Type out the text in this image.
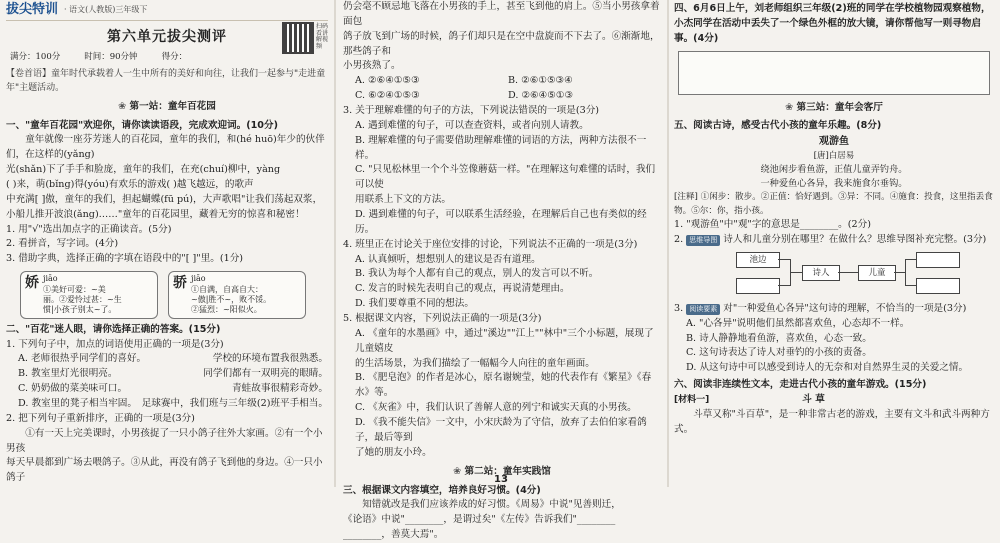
拔尖特训 · 语文(人教版)三年级下
扫码看讲解视频
第六单元拔尖测评
满分：100分	时间：90分钟	得分：
【卷首语】童年时代承载着人一生中所有的美好和向往，让我们一起参与"走进童年"主题活动。
❀ 第一站：童年百花园
一、"童年百花园"欢迎你，请你读读语段，完成欢迎词。(10分)
童年就像一座芬芳迷人的百花园，童年的我们，和(hé huō)年少的伙伴们，在这样的(yǎng)
光(shǎn)下了手手和脸庞，童年的我们，在充(chuí)柳中，yàng
( )来，萌(bǐng)得(yóu)有欢乐的游戏( )越飞越远，的歌声
中充满[ ]傲，童年的我们，担起蝴蝶(fū pú)，大声歌唱"让我们荡起双浆，
小船儿推开波浪(ǎng)……"童年的百花园里，藏着无穷的惊喜和秘密！
1. 用"√"选出加点字的正确读音。(5分)
2. 看拼音，写字词。(4分)
3. 借助字典，选择正确的字填在语段中的"[ ]"里。(1分)
娇 jiāo
①美好可爱：~美
丽。②爱怜过甚：~生
惯|小孩子别太~了。
骄 jiāo
①自满，自高自大：
~傲|胜不~，败不馁。
②猛烈：~阳似火。
二、"百花"迷人眼，请你选择正确的答案。(15分)
1. 下列句子中，加点的词语使用正确的一项是(3分)
A. 老师很热乎同学们的喜好。	学校的环境布置我很熟悉。
B. 教室里灯光很明亮。	同学们都有一双明亮的眼睛。
C. 奶奶做的菜美味可口。	青蛙故事很精彩奇妙。
D. 教室里的凳子相当牢固。 足球赛中，我们班与三年级(2)班平手相当。
2. 把下列句子重新排序，正确的一项是(3分)
①有一天上完美课时，小男孩捉了一只小鸽子往外大家画。②有一个小男孩
每天早晨都到广场去喂鸽子。③从此，再没有鸽子飞到他的身边。④一只小鸽子
仍会毫不顾忌地飞落在小男孩的手上，甚至飞到他的肩上。⑤当小男孩拿着面包
鸽子放飞到广场的时候，鸽子们却只是在空中盘旋而不下去了。⑥渐渐地，那些鸽子和
小男孩熟了。
A. ②⑥④①⑤③	B. ②⑥①⑤③④
C. ⑥②④①⑤③	D. ②⑥④⑤①③
3. 关于理解难懂的句子的方法，下列说法错误的一项是(3分)
A. 遇到难懂的句子，可以查查资料，或者向别人请教。
B. 理解难懂的句子需要借助理解难懂的词语的方法，两种方法很不一样。
C. "只见松林里一个个斗笠像蘑菇一样。"在理解这句难懂的话时，我们可以使
用联系上下文的方法。
D. 遇到难懂的句子，可以联系生活经验，在理解后自己也有类似的经历。
4. 班里正在讨论关于座位安排的讨论，下列说法不正确的一项是(3分)
A. 认真倾听，想想别人的建议是否有道理。
B. 我认为每个人都有自己的观点，别人的发言可以不听。
C. 发言的时候先表明自己的观点，再说清楚理由。
D. 我们要尊重不同的想法。
5. 根据课文内容，下列说法正确的一项是(3分)
A. 《童年的水墨画》中，通过"溪边""江上""林中"三个小标题，展现了儿童嬉皮
的生活场景，为我们描绘了一幅幅今人向往的童年画面。
B. 《肥皂泡》的作者是冰心，原名谢婉莹，她的代表作有《繁星》《春水》等。
C. 《灰雀》中，我们认识了善解人意的列宁和诚实天真的小男孩。
D. 《我不能失信》一文中，小宋庆龄为了守信，放弃了去伯伯家看鸽子，最后等到
了她的朋友小玲。
❀ 第二站：童年实践馆
三、根据课文内容填空，培养良好习惯。(4分)
知错就改是我们应该养成的好习惯。《周易》中说"见善则迁，
《论语》中说"________，是谓过矣"《左传》告诉我们"________
________，善莫大焉"。
13
四、6月6日上午，刘老师组织三年级(2)班的同学在学校植物园观察植物，小杰同学在活动中丢失了一个绿色外框的放大镜，请你帮他写一则寻物启事。(4分)
❀ 第三站：童年会客厅
五、阅读古诗，感受古代小孩的童年乐趣。(8分)
观游鱼
[唐]白居易
绕池闲步看鱼游，正值儿童弄钓舟。
一种爱鱼心各异，我来施食尔垂钩。
[注释] ①闲步：散步。②正值：恰好遇到。③异：不同。④施食：投食，这里指丢食物。⑤尔：你，指小孩。
1. "观游鱼"中"观"字的意思是________。(2分)
2. 思维导图 诗人和儿童分别在哪里？在做什么？思维导图补充完整。(3分)
池边
诗人	儿童
3. 阅读要素 对"一种爱鱼心各异"这句诗的理解，不恰当的一项是(3分)
A. "心各异"说明他们虽然都喜欢鱼，心态却不一样。
B. 诗人静静地看鱼游，喜欢鱼，心态一致。
C. 这句诗表达了诗人对垂钓的小孩的责备。
D. 从这句诗中可以感受到诗人的无奈和对自然界生灵的关爱之情。
六、阅读非连续性文本，走进古代小孩的童年游戏。(15分)
[材料一]	斗 草
斗草又称"斗百草"，是一种非常古老的游戏，主要有文斗和武斗两种方式。
